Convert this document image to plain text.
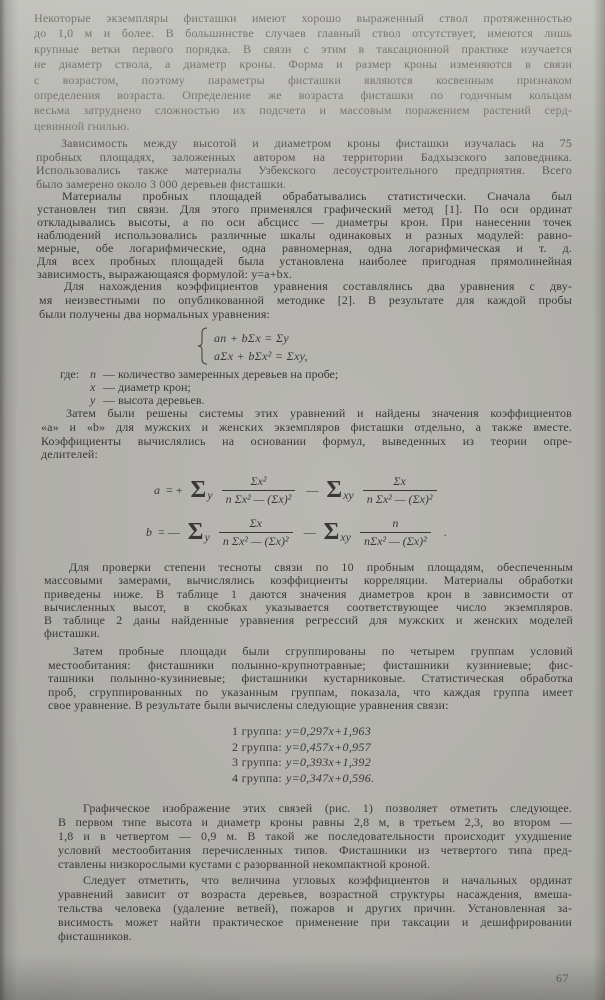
Некоторые экземпляры фисташки имеют хорошо выраженный ствол протяженностью
до 1,0 м и более. В большинстве случаев главный ствол отсутствует, имеются лишь
крупные ветки первого порядка. В связи с этим в таксационной практике изучается
не диаметр ствола, а диаметр кроны. Форма и размер кроны изменяются в связи
с возрастом, поэтому параметры фисташки являются косвенным признаком
определения возраста. Определение же возраста фисташки по годичным кольцам
весьма затруднено сложностью их подсчета и массовым поражением растений серд-
цевинной гнилью.
Зависимость между высотой и диаметром кроны фисташки изучалась на 75
пробных площадях, заложенных автором на территории Бадхызского заповедника.
Использовались также материалы Узбекского лесоустроительного предприятия. Всего
было замерено около 3 000 деревьев фисташки.
Материалы пробных площадей обрабатывались статистически. Сначала был
установлен тип связи. Для этого применялся графический метод [1]. По оси ординат
откладывались высоты, а по оси абсцисс — диаметры крон. При нанесении точек
наблюдений использовались различные шкалы одинаковых и разных модулей: равно-
мерные, обе логарифмические, одна равномерная, одна логарифмическая и т. д.
Для всех пробных площадей была установлена наиболее пригодная прямолинейная
зависимость, выражающаяся формулой: y=a+bx.
Для нахождения коэффициентов уравнения составлялись два уравнения с дву-
мя неизвестными по опубликованной методике [2]. В результате для каждой пробы
были получены два нормальных уравнения:
an + bΣx = Σy
aΣx + bΣx² = Σxy,
где: n — количество замеренных деревьев на пробе;
x — диаметр крон;
y — высота деревьев.
Затем были решены системы этих уравнений и найдены значения коэффициентов
«a» и «b» для мужских и женских экземпляров фисташки отдельно, а также вместе.
Коэффициенты вычислялись на основании формул, выведенных из теории опре-
делителей:
a = + Σ y $\frac{\text{Σx²}}{\text{n Σx² — (Σx)²}}$ — Σ xy $\frac{\Sigma x}{\text{n Σx² — (Σx)²}}$
b = — Σ y $\frac{\Sigma x}{\text{n Σx² — (Σx)²}}$ — Σ xy $\frac{n}{\text{nΣx² — (Σx)²}}$ .
Для проверки степени тесноты связи по 10 пробным площадям, обеспеченным
массовыми замерами, вычислялись коэффициенты корреляции. Материалы обработки
приведены ниже. В таблице 1 даются значения диаметров крон в зависимости от
вычисленных высот, в скобках указывается соответствующее число экземпляров.
В таблице 2 даны найденные уравнения регрессий для мужских и женских моделей
фисташки.
Затем пробные площади были сгруппированы по четырем группам условий
местообитания: фисташники полынно-крупнотравные; фисташники кузиниевые; фис-
ташники полынно-кузиниевые; фисташники кустарниковые. Статистическая обработка
проб, сгруппированных по указанным группам, показала, что каждая группа имеет
свое уравнение. В результате были вычислены следующие уравнения связи:
1 группа: y=0,297x+1,963
2 группа: y=0,457x+0,957
3 группа: y=0,393x+1,392
4 группа: y=0,347x+0,596.
Графическое изображение этих связей (рис. 1) позволяет отметить следующее.
В первом типе высота и диаметр кроны равны 2,8 м, в третьем 2,3, во втором —
1,8 и в четвертом — 0,9 м. В такой же последовательности происходит ухудшение
условий местообитания перечисленных типов. Фисташники из четвертого типа пред-
ставлены низкорослыми кустами с разорванной некомпактной кроной.
Следует отметить, что величина угловых коэффициентов и начальных ординат
уравнений зависит от возраста деревьев, возрастной структуры насаждения, вмеша-
тельства человека (удаление ветвей), пожаров и других причин. Установленная за-
висимость может найти практическое применение при таксации и дешифрировании
фисташников.
67
